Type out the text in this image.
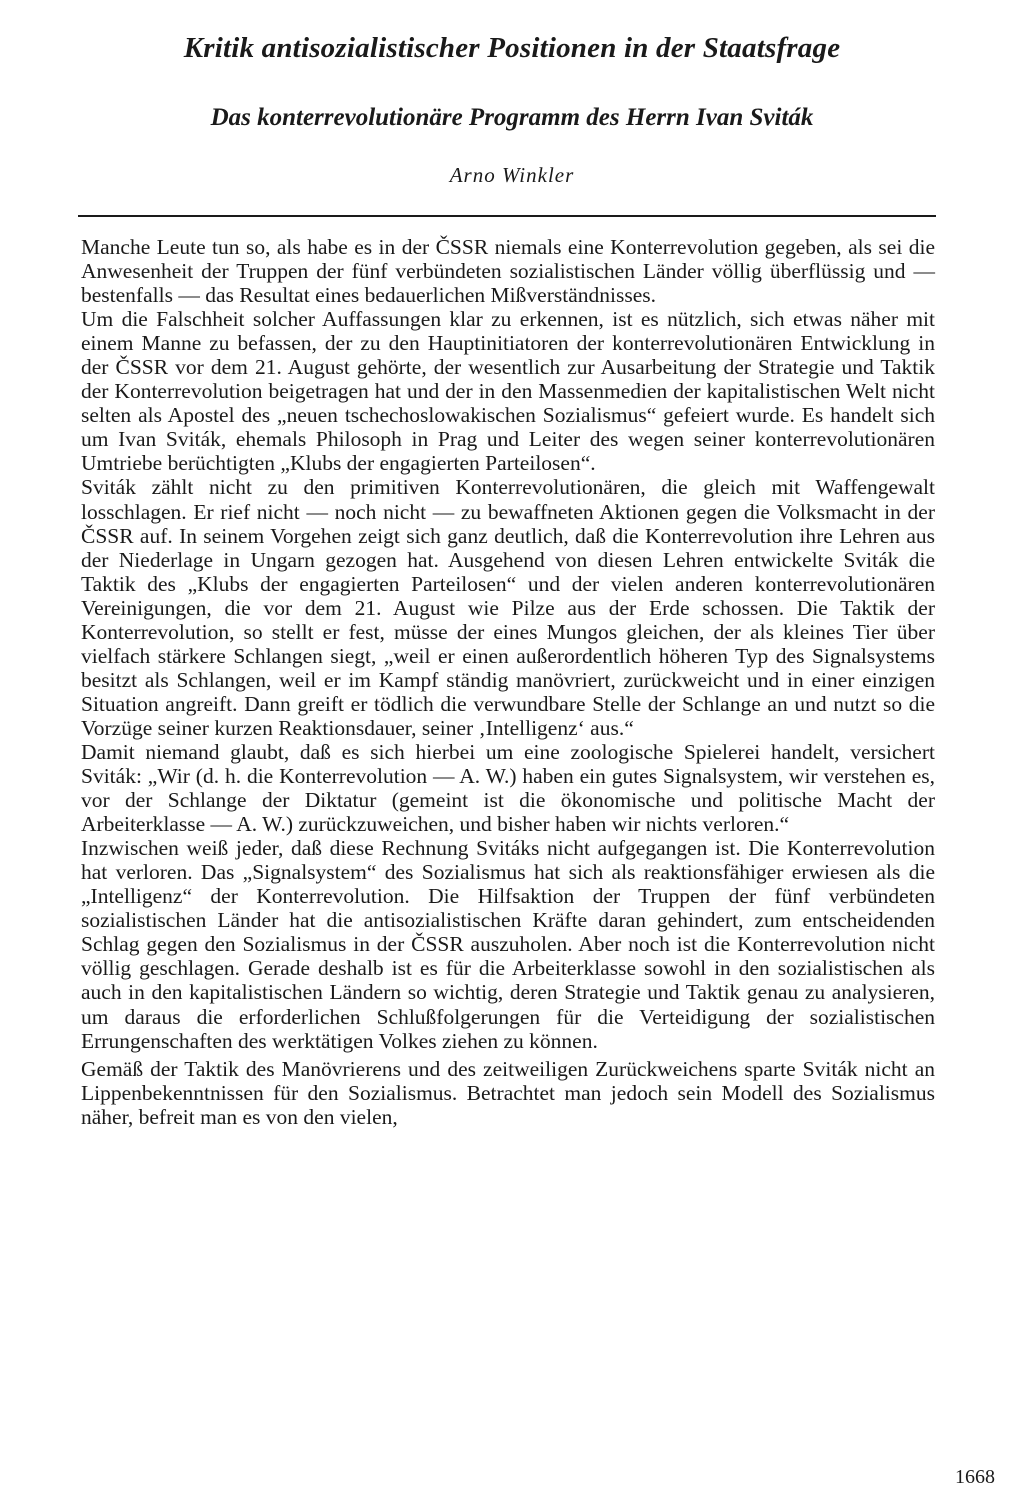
Kritik antisozialistischer Positionen in der Staatsfrage
Das konterrevolutionäre Programm des Herrn Ivan Sviták

Arno Winkler

Manche Leute tun so, als habe es in der ČSSR niemals eine Konterrevolution gegeben, als sei die Anwesenheit der Truppen der fünf verbündeten sozialistischen Länder völlig überflüssig und — bestenfalls — das Resultat eines bedauerlichen Mißverständnisses.

Um die Falschheit solcher Auffassungen klar zu erkennen, ist es nützlich, sich etwas näher mit einem Manne zu befassen, der zu den Hauptinitiatoren der konterrevolutionären Entwicklung in der ČSSR vor dem 21. August gehörte, der wesentlich zur Ausarbeitung der Strategie und Taktik der Konterrevolution beigetragen hat und der in den Massenmedien der kapitalistischen Welt nicht selten als Apostel des „neuen tschechoslowakischen Sozialismus“ gefeiert wurde. Es handelt sich um Ivan Sviták, ehemals Philosoph in Prag und Leiter des wegen seiner konterrevolutionären Umtriebe berüchtigten „Klubs der engagierten Parteilosen“.

Sviták zählt nicht zu den primitiven Konterrevolutionären, die gleich mit Waffengewalt losschlagen. Er rief nicht — noch nicht — zu bewaffneten Aktionen gegen die Volksmacht in der ČSSR auf. In seinem Vorgehen zeigt sich ganz deutlich, daß die Konterrevolution ihre Lehren aus der Niederlage in Ungarn gezogen hat. Ausgehend von diesen Lehren entwickelte Sviták die Taktik des „Klubs der engagierten Parteilosen“ und der vielen anderen konterrevolutionären Vereinigungen, die vor dem 21. August wie Pilze aus der Erde schossen. Die Taktik der Konterrevolution, so stellt er fest, müsse der eines Mungos gleichen, der als kleines Tier über vielfach stärkere Schlangen siegt, „weil er einen außerordentlich höheren Typ des Signalsystems besitzt als Schlangen, weil er im Kampf ständig manövriert, zurückweicht und in einer einzigen Situation angreift. Dann greift er tödlich die verwundbare Stelle der Schlange an und nutzt so die Vorzüge seiner kurzen Reaktionsdauer, seiner ‚Intelligenz‘ aus.“

Damit niemand glaubt, daß es sich hierbei um eine zoologische Spielerei handelt, versichert Sviták: „Wir (d. h. die Konterrevolution — A. W.) haben ein gutes Signalsystem, wir verstehen es, vor der Schlange der Diktatur (gemeint ist die ökonomische und politische Macht der Arbeiterklasse — A. W.) zurückzuweichen, und bisher haben wir nichts verloren.“

Inzwischen weiß jeder, daß diese Rechnung Svitáks nicht aufgegangen ist. Die Konterrevolution hat verloren. Das „Signalsystem“ des Sozialismus hat sich als reaktionsfähiger erwiesen als die „Intelligenz“ der Konterrevolution. Die Hilfsaktion der Truppen der fünf verbündeten sozialistischen Länder hat die antisozialistischen Kräfte daran gehindert, zum entscheidenden Schlag gegen den Sozialismus in der ČSSR auszuholen. Aber noch ist die Konterrevolution nicht völlig geschlagen. Gerade deshalb ist es für die Arbeiterklasse sowohl in den sozialistischen als auch in den kapitalistischen Ländern so wichtig, deren Strategie und Taktik genau zu analysieren, um daraus die erforderlichen Schlußfolgerungen für die Verteidigung der sozialistischen Errungenschaften des werktätigen Volkes ziehen zu können.

Gemäß der Taktik des Manövrierens und des zeitweiligen Zurückweichens sparte Sviták nicht an Lippenbekenntnissen für den Sozialismus. Betrachtet man jedoch sein Modell des Sozialismus näher, befreit man es von den vielen,

1668
